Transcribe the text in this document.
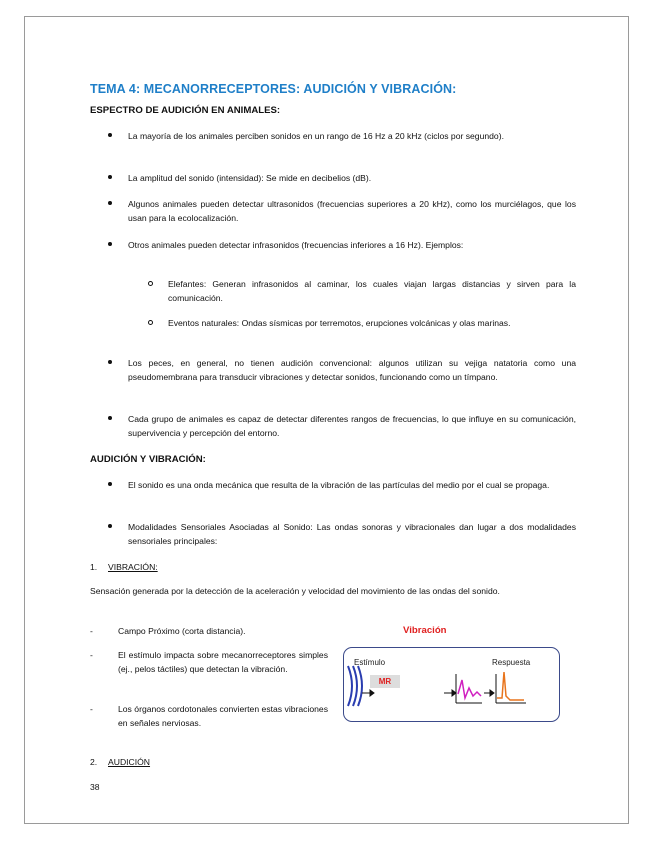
TEMA 4: MECANORRECEPTORES: AUDICIÓN Y VIBRACIÓN:
ESPECTRO DE AUDICIÓN EN ANIMALES:
La mayoría de los animales perciben sonidos en un rango de 16 Hz a 20 kHz (ciclos por segundo).
La amplitud del sonido (intensidad): Se mide en decibelios (dB).
Algunos animales pueden detectar ultrasonidos (frecuencias superiores a 20 kHz), como los murciélagos, que los usan para la ecolocalización.
Otros animales pueden detectar infrasonidos (frecuencias inferiores a 16 Hz). Ejemplos:
Elefantes: Generan infrasonidos al caminar, los cuales viajan largas distancias y sirven para la comunicación.
Eventos naturales: Ondas sísmicas por terremotos, erupciones volcánicas y olas marinas.
Los peces, en general, no tienen audición convencional: algunos utilizan su vejiga natatoria como una pseudomembrana para transducir vibraciones y detectar sonidos, funcionando como un tímpano.
Cada grupo de animales es capaz de detectar diferentes rangos de frecuencias, lo que influye en su comunicación, supervivencia y percepción del entorno.
AUDICIÓN Y VIBRACIÓN:
El sonido es una onda mecánica que resulta de la vibración de las partículas del medio por el cual se propaga.
Modalidades Sensoriales Asociadas al Sonido: Las ondas sonoras y vibracionales dan lugar a dos modalidades sensoriales principales:
1. VIBRACIÓN:
Sensación generada por la detección de la aceleración y velocidad del movimiento de las ondas del sonido.
-	Campo Próximo (corta distancia).
-	El estímulo impacta sobre mecanorreceptores simples (ej., pelos táctiles) que detectan la vibración.
-	Los órganos cordotonales convierten estas vibraciones en señales nerviosas.
2. AUDICIÓN
Vibración
Estímulo	Respuesta
MR
38
